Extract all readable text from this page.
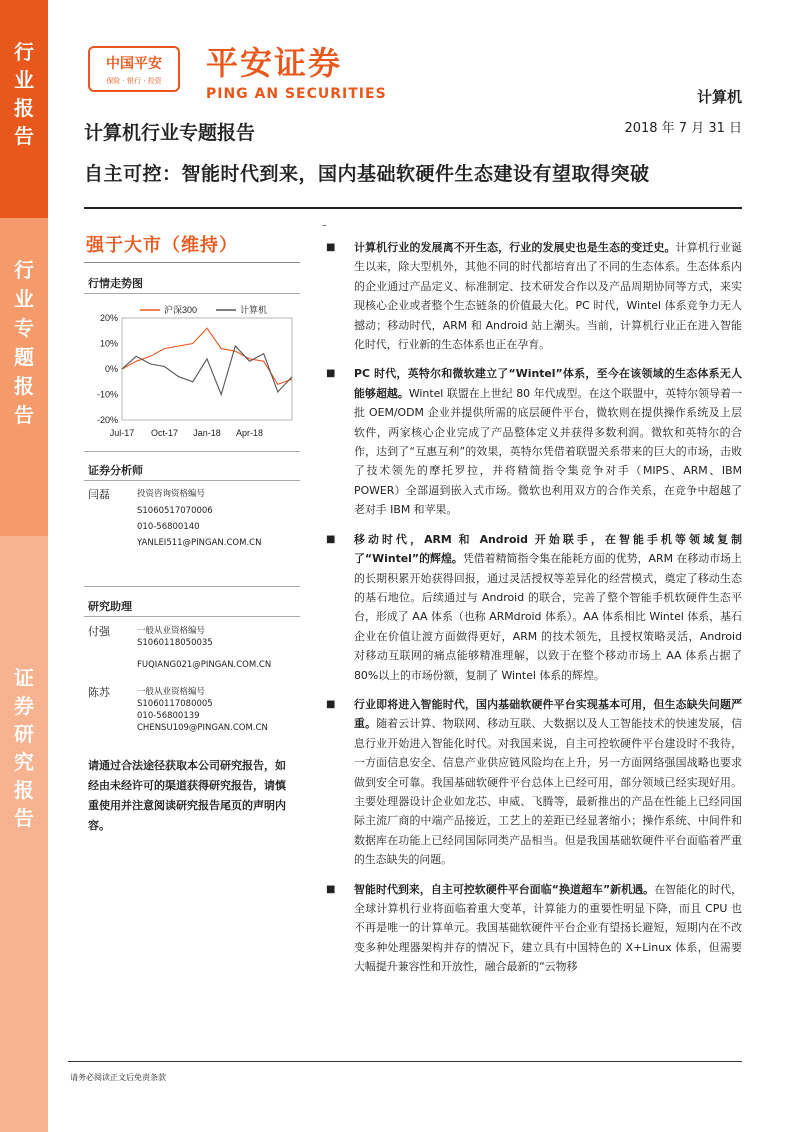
行
业
报
告
行
业
专
题
报
告
证
券
研
究
报
告
中国平安
保险 · 银行 · 投资 平安证券
PING AN SECURITIES	计算机
2018 年 7 月 31 日
计算机行业专题报告
自主可控：智能时代到来，国内基础软硬件生态建设有望取得突破
强于大市（维持）
行情走势图
20%
10%
0%
-10%
-20%
Jul-17 Oct-17 Jan-18 Apr-18
沪深300	计算机
证券分析师
闫磊	投资咨询资格编号
S1060517070006
010-56800140
YANLEI511@PINGAN.COM.CN
研究助理
付强	一般从业资格编号
S1060118050035
FUQIANG021@PINGAN.COM.CN
陈苏	一般从业资格编号
S1060117080005
010-56800139
CHENSU109@PINGAN.COM.CN
请通过合法途径获取本公司研究报告，如经由未经许可的渠道获得研究报告，请慎重使用并注意阅读研究报告尾页的声明内容。
–
■	计算机行业的发展离不开生态，行业的发展史也是生态的变迁史。计算机行业诞生以来，除大型机外，其他不同的时代都培育出了不同的生态体系。生态体系内的企业通过产品定义、标准制定、技术研发合作以及产品周期协同等方式，来实现核心企业或者整个生态链条的价值最大化。PC 时代，Wintel 体系竞争力无人撼动；移动时代，ARM 和 Android 站上潮头。当前，计算机行业正在进入智能化时代，行业新的生态体系也正在孕育。
■	PC 时代，英特尔和微软建立了“Wintel”体系，至今在该领域的生态体系无人能够超越。Wintel 联盟在上世纪 80 年代成型。在这个联盟中，英特尔领导着一批 OEM/ODM 企业并提供所需的底层硬件平台，微软则在提供操作系统及上层软件，两家核心企业完成了产品整体定义并获得多数利润。微软和英特尔的合作，达到了“互惠互利”的效果，英特尔凭借着联盟关系带来的巨大的市场，击败了技术领先的摩托罗拉，并将精简指令集竞争对手（MIPS、ARM、IBM POWER）全部逼到嵌入式市场。微软也利用双方的合作关系，在竞争中超越了老对手 IBM 和苹果。
■	移动时代，ARM 和 Android 开始联手，在智能手机等领域复制了“Wintel”的辉煌。凭借着精简指令集在能耗方面的优势，ARM 在移动市场上的长期积累开始获得回报，通过灵活授权等差异化的经营模式，奠定了移动生态的基石地位。后续通过与 Android 的联合，完善了整个智能手机软硬件生态平台，形成了 AA 体系（也称 ARMdroid 体系）。AA 体系相比 Wintel 体系，基石企业在价值让渡方面做得更好，ARM 的技术领先，且授权策略灵活，Android 对移动互联网的痛点能够精准理解，以致于在整个移动市场上 AA 体系占据了 80%以上的市场份额，复制了 Wintel 体系的辉煌。
■	行业即将进入智能时代，国内基础软硬件平台实现基本可用，但生态缺失问题严重。随着云计算、物联网、移动互联、大数据以及人工智能技术的快速发展，信息行业开始进入智能化时代。对我国来说，自主可控软硬件平台建设时不我待，一方面信息安全、信息产业供应链风险均在上升，另一方面网络强国战略也要求做到安全可靠。我国基础软硬件平台总体上已经可用，部分领域已经实现好用。主要处理器设计企业如龙芯、申威、飞腾等，最新推出的产品在性能上已经同国际主流厂商的中端产品接近，工艺上的差距已经显著缩小；操作系统、中间件和数据库在功能上已经同国际同类产品相当。但是我国基础软硬件平台面临着严重的生态缺失的问题。
■	智能时代到来，自主可控软硬件平台面临“换道超车”新机遇。在智能化的时代，全球计算机行业将面临着重大变革，计算能力的重要性明显下降，而且 CPU 也不再是唯一的计算单元。我国基础软硬件平台企业有望扬长避短，短期内在不改变多种处理器架构并存的情况下，建立具有中国特色的 X+Linux 体系，但需要大幅提升兼容性和开放性，融合最新的“云物移
请务必阅读正文后免责条款
